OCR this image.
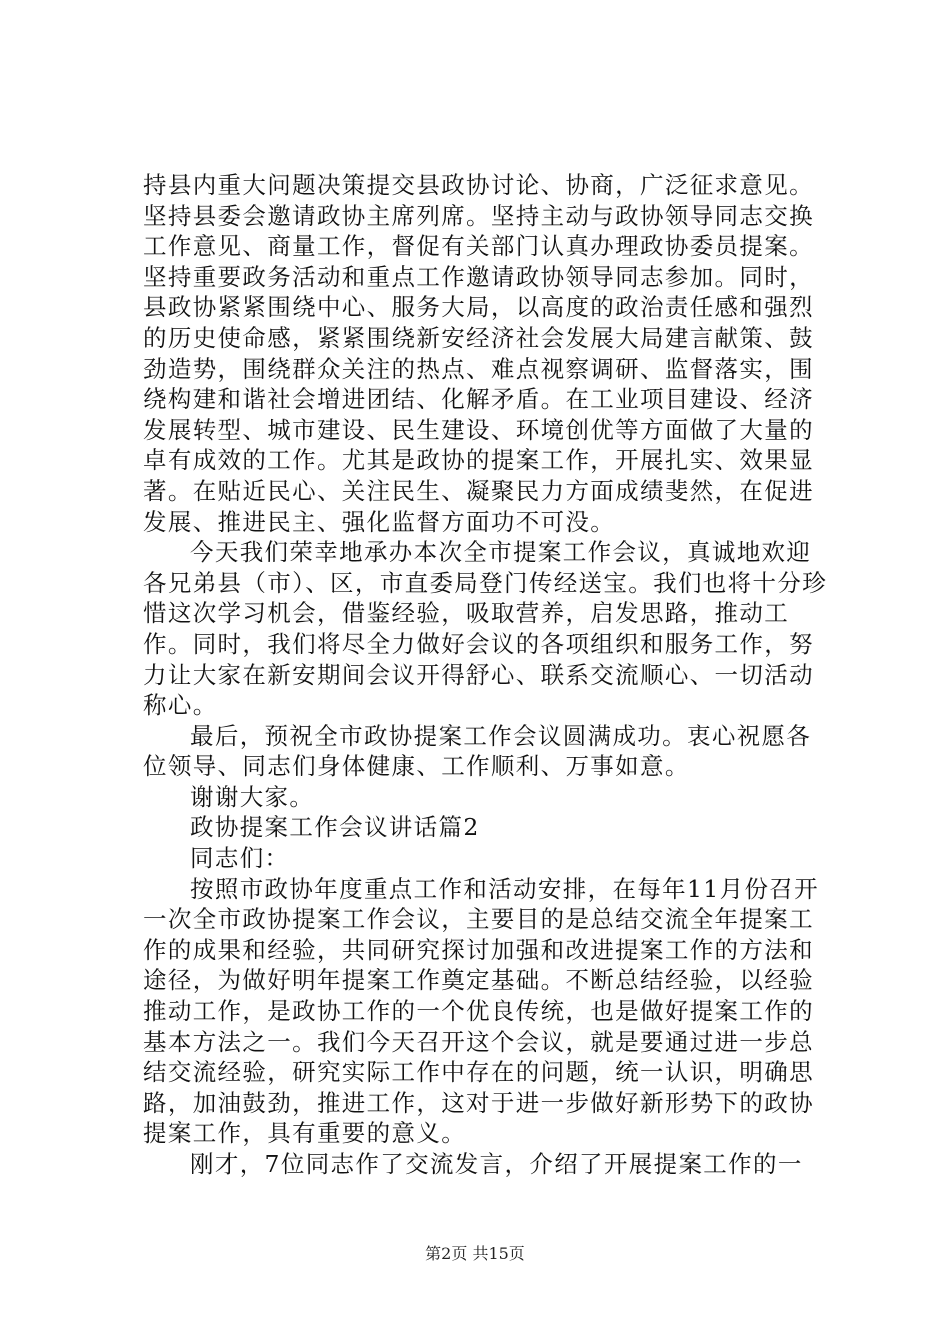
持县内重大问题决策提交县政协讨论、协商，广泛征求意见。坚持县委会邀请政协主席列席。坚持主动与政协领导同志交换工作意见、商量工作，督促有关部门认真办理政协委员提案。坚持重要政务活动和重点工作邀请政协领导同志参加。同时，县政协紧紧围绕中心、服务大局，以高度的政治责任感和强烈的历史使命感，紧紧围绕新安经济社会发展大局建言献策、鼓劲造势，围绕群众关注的热点、难点视察调研、监督落实，围绕构建和谐社会增进团结、化解矛盾。在工业项目建设、经济发展转型、城市建设、民生建设、环境创优等方面做了大量的卓有成效的工作。尤其是政协的提案工作，开展扎实、效果显著。在贴近民心、关注民生、凝聚民力方面成绩斐然，在促进发展、推进民主、强化监督方面功不可没。

今天我们荣幸地承办本次全市提案工作会议，真诚地欢迎各兄弟县（市）、区，市直委局登门传经送宝。我们也将十分珍惜这次学习机会，借鉴经验，吸取营养，启发思路，推动工作。同时，我们将尽全力做好会议的各项组织和服务工作，努力让大家在新安期间会议开得舒心、联系交流顺心、一切活动称心。

最后，预祝全市政协提案工作会议圆满成功。衷心祝愿各位领导、同志们身体健康、工作顺利、万事如意。

谢谢大家。

政协提案工作会议讲话篇2

同志们：

按照市政协年度重点工作和活动安排，在每年11月份召开一次全市政协提案工作会议，主要目的是总结交流全年提案工作的成果和经验，共同研究探讨加强和改进提案工作的方法和途径，为做好明年提案工作奠定基础。不断总结经验，以经验推动工作，是政协工作的一个优良传统，也是做好提案工作的基本方法之一。我们今天召开这个会议，就是要通过进一步总结交流经验，研究实际工作中存在的问题，统一认识，明确思路，加油鼓劲，推进工作，这对于进一步做好新形势下的政协提案工作，具有重要的意义。

刚才，7位同志作了交流发言，介绍了开展提案工作的一

第2页 共15页
